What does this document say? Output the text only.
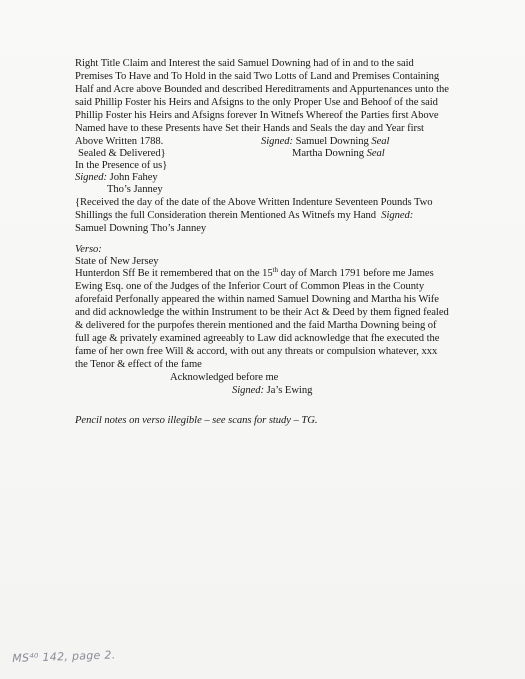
Right Title Claim and Interest the said Samuel Downing had of in and to the said
Premises To Have and To Hold in the said Two Lotts of Land and Premises Containing
Half and Acre above Bounded and described Hereditraments and Appurtenances unto the
said Phillip Foster his Heirs and Afsigns to the only Proper Use and Behoof of the said
Phillip Foster his Heirs and Afsigns forever In Witnefs Whereof the Parties first Above
Named have to these Presents have Set their Hands and Seals the day and Year first
Above Written 1788.	Signed: Samuel Downing Seal
Sealed & Delivered}	Martha Downing Seal
In the Presence of us}
Signed: John Fahey
Tho’s Janney
{Received the day of the date of the Above Written Indenture Seventeen Pounds Two
Shillings the full Consideration therein Mentioned As Witnefs my Hand Signed:
Samuel Downing Tho’s Janney
Verso:
State of New Jersey
Hunterdon Sff Be it remembered that on the 15th day of March 1791 before me James
Ewing Esq. one of the Judges of the Inferior Court of Common Pleas in the County
aforefaid Perfonally appeared the within named Samuel Downing and Martha his Wife
and did acknowledge the within Instrument to be their Act & Deed by them figned fealed
& delivered for the purpofes therein mentioned and the faid Martha Downing being of
full age & privately examined agreeably to Law did acknowledge that fhe executed the
fame of her own free Will & accord, with out any threats or compulsion whatever, xxx
the Tenor & effect of the fame
Acknowledged before me
Signed: Ja’s Ewing
Pencil notes on verso illegible – see scans for study – TG.
MS⁴⁰ 142, page 2.
